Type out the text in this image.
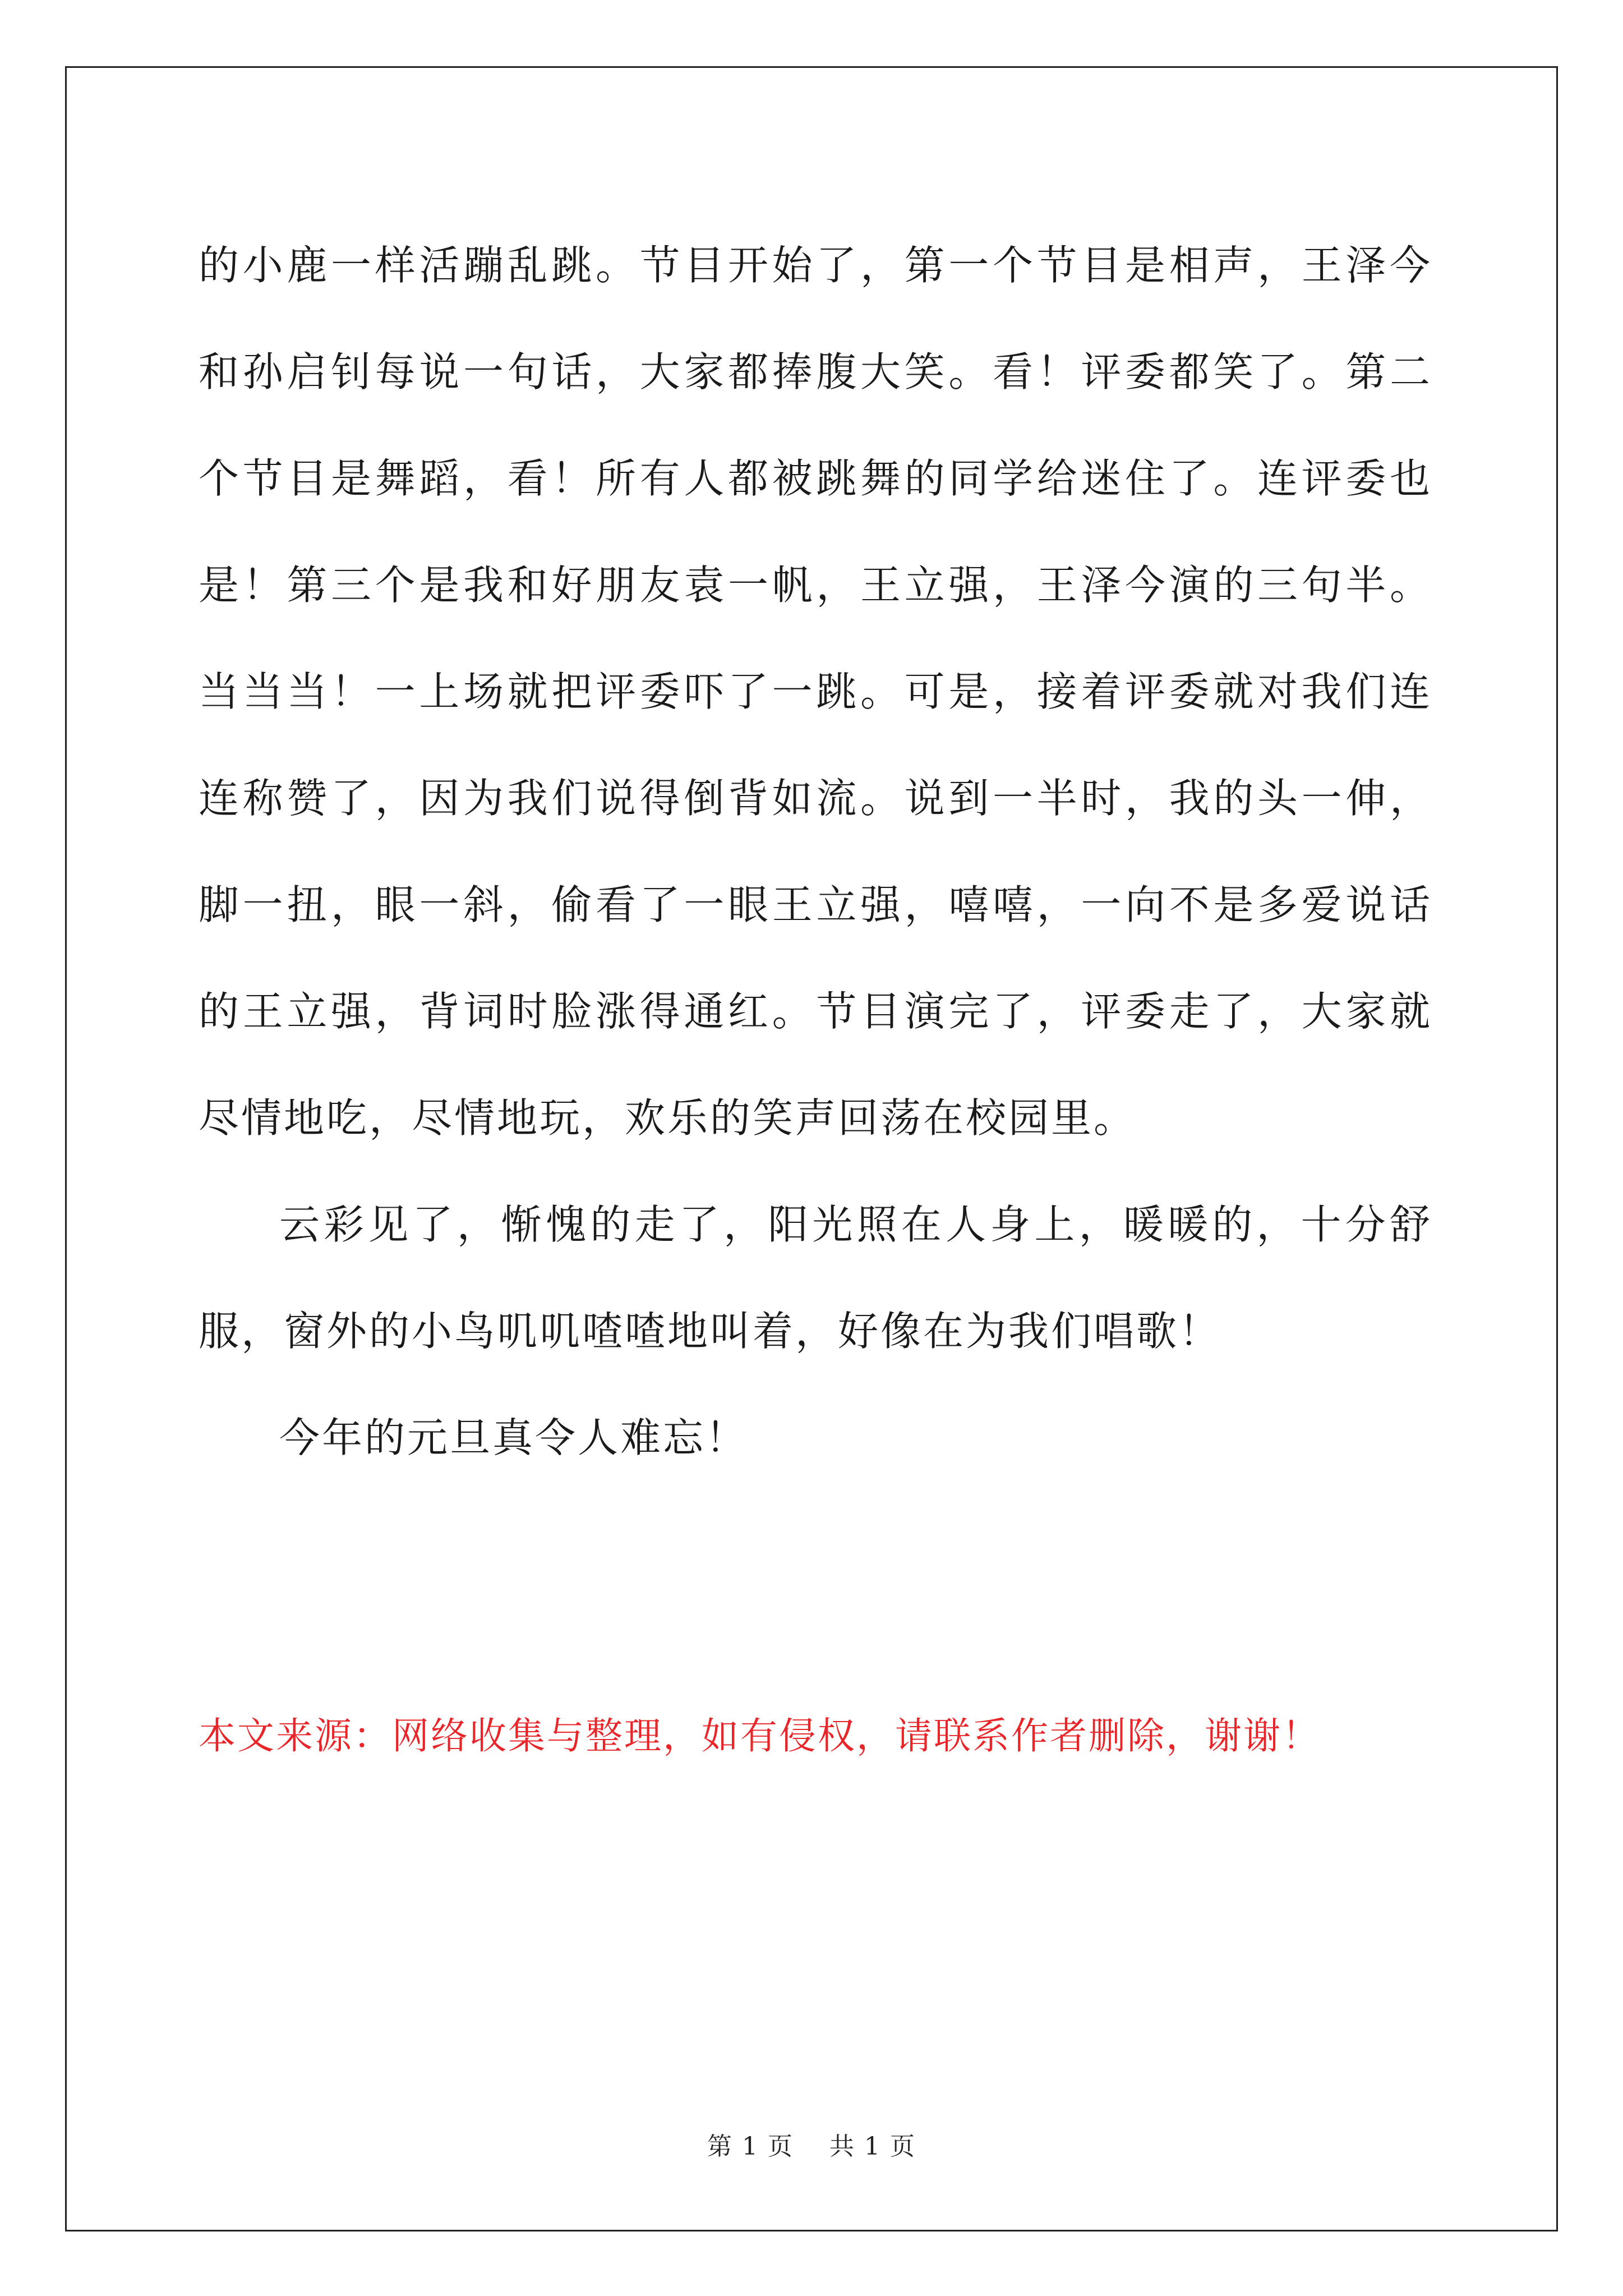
的小鹿一样活蹦乱跳。节目开始了，第一个节目是相声，王泽今和孙启钊每说一句话，大家都捧腹大笑。看！评委都笑了。第二个节目是舞蹈，看！所有人都被跳舞的同学给迷住了。连评委也是！第三个是我和好朋友袁一帆，王立强，王泽今演的三句半。当当当！一上场就把评委吓了一跳。可是，接着评委就对我们连连称赞了，因为我们说得倒背如流。说到一半时，我的头一伸，脚一扭，眼一斜，偷看了一眼王立强，嘻嘻，一向不是多爱说话的王立强，背词时脸涨得通红。节目演完了，评委走了，大家就尽情地吃，尽情地玩，欢乐的笑声回荡在校园里。

云彩见了，惭愧的走了，阳光照在人身上，暖暖的，十分舒服，窗外的小鸟叽叽喳喳地叫着，好像在为我们唱歌！

今年的元旦真令人难忘！

本文来源：网络收集与整理，如有侵权，请联系作者删除，谢谢！

第 1 页 共 1 页
